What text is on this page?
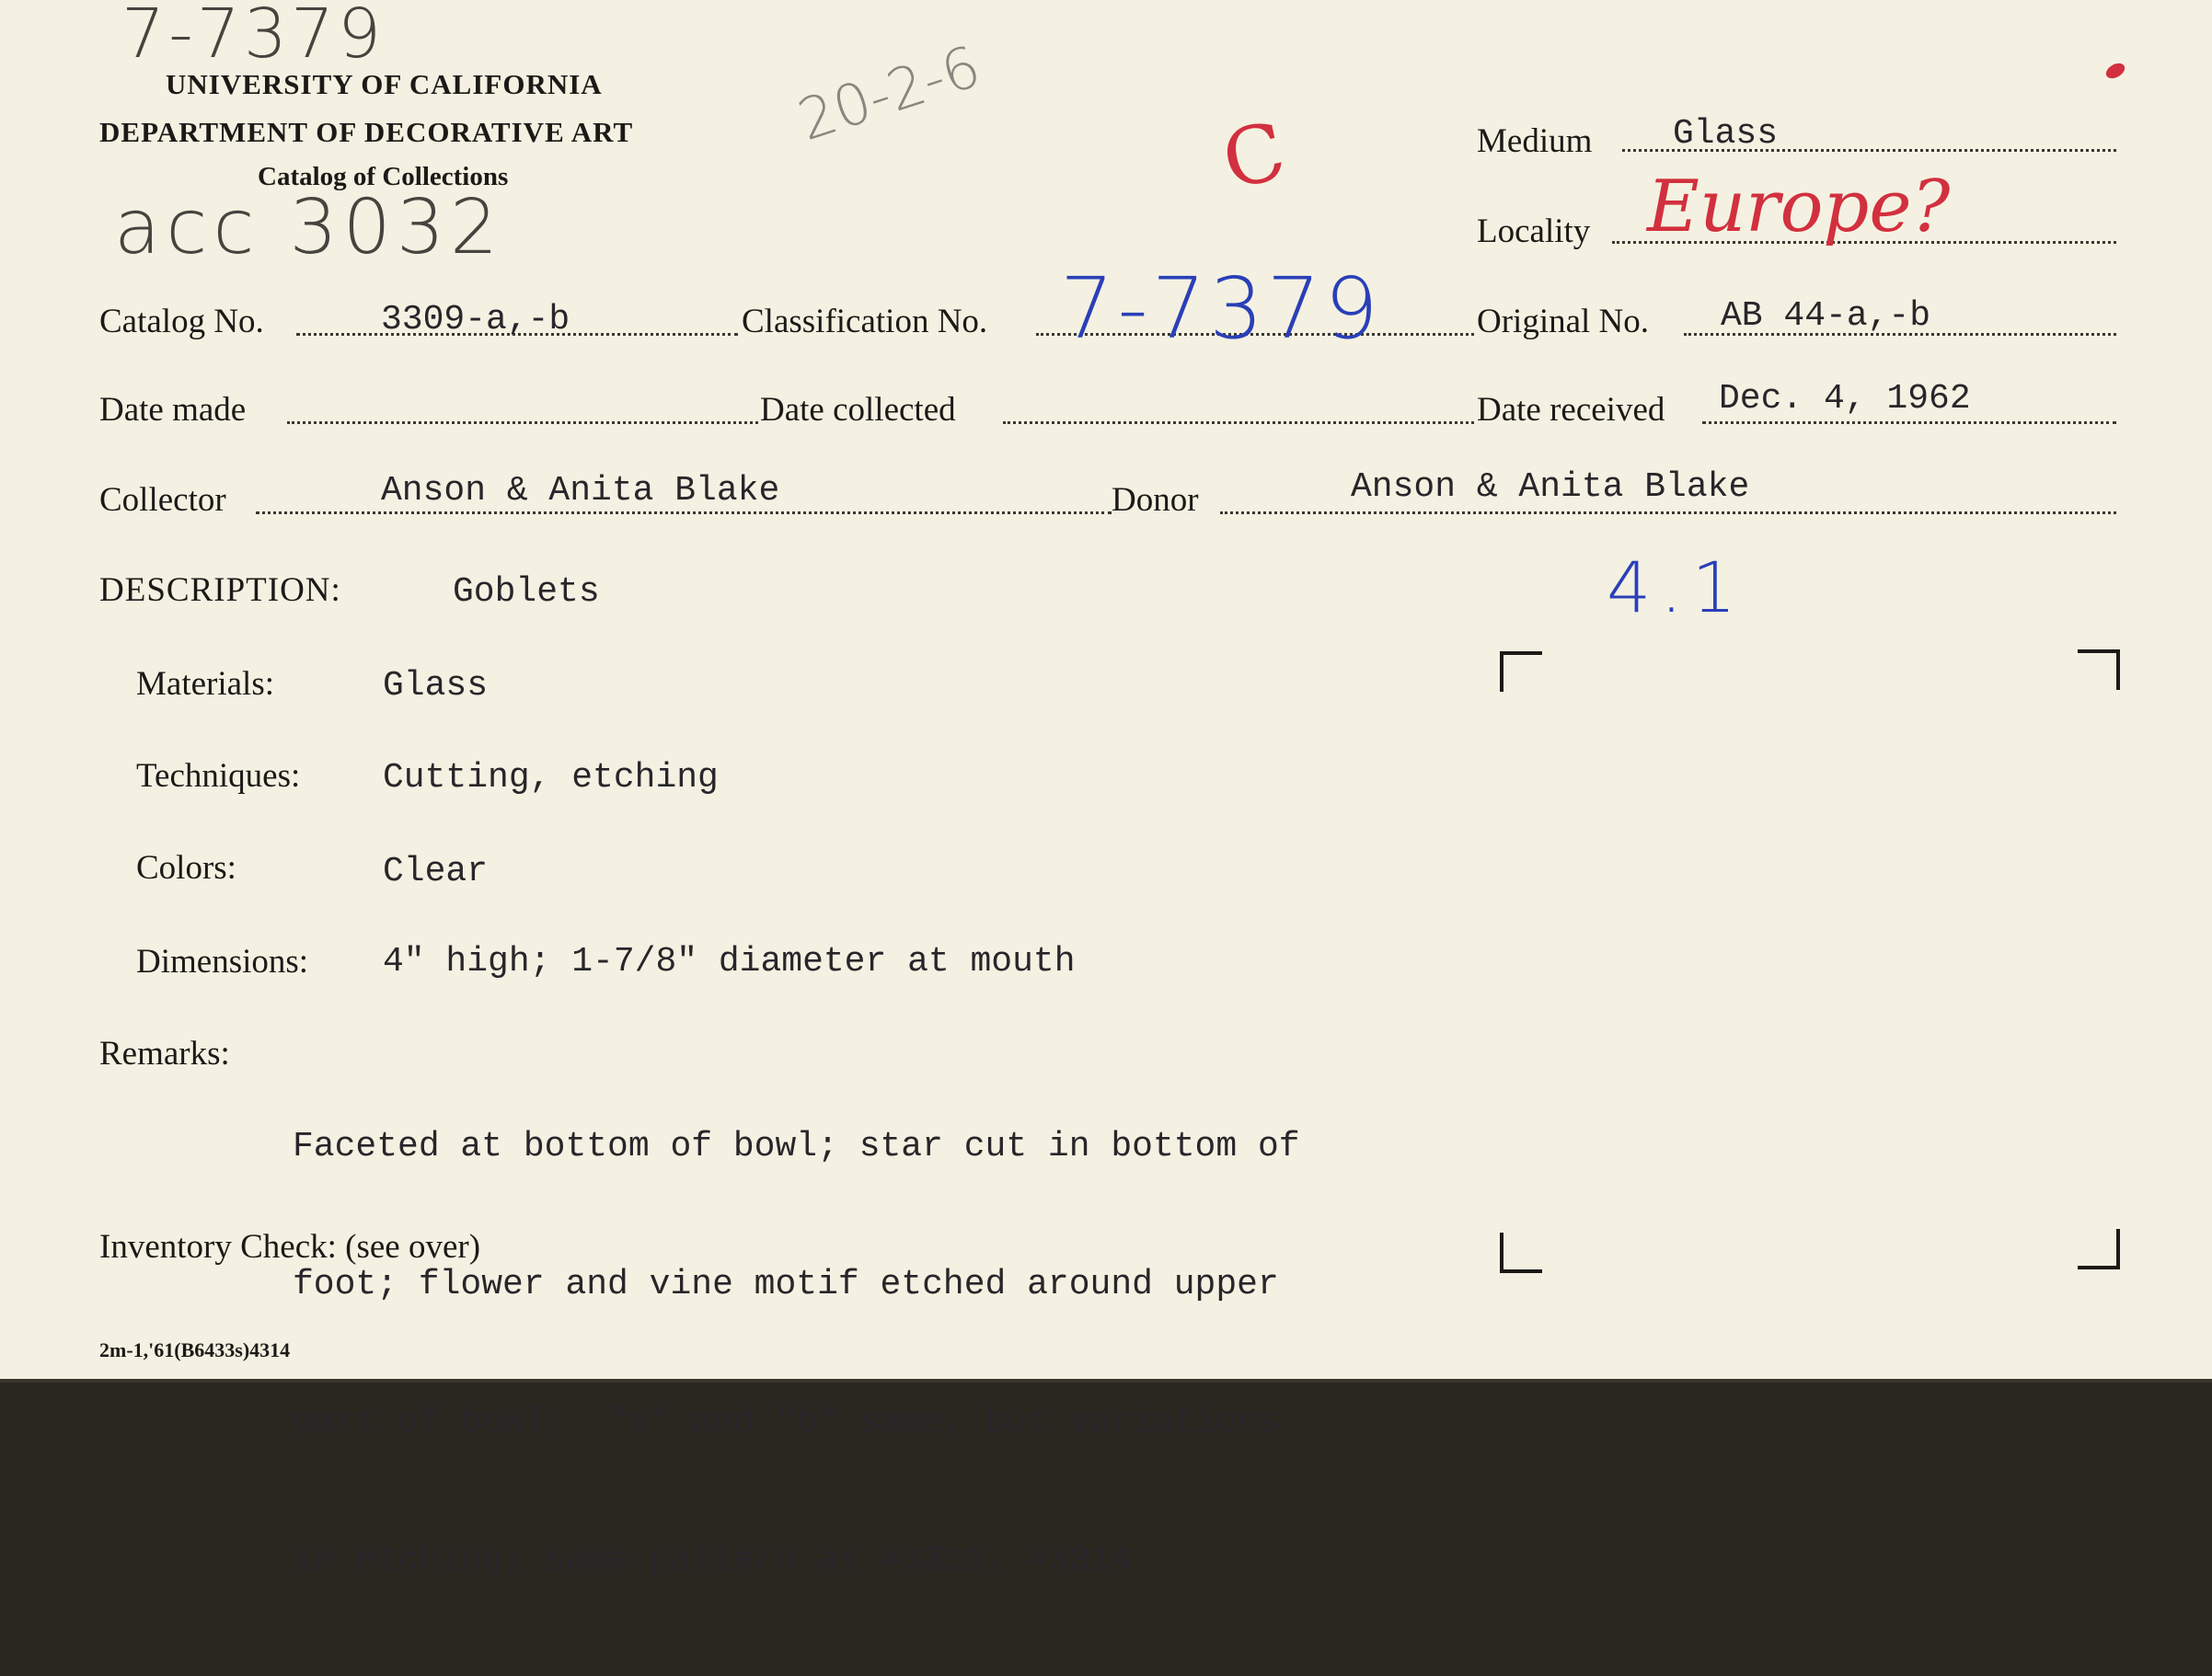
7-7379
UNIVERSITY OF CALIFORNIA
DEPARTMENT OF DECORATIVE ART
Catalog of Collections
acc 3032
20-2-6
C	Medium Glass
Locality Europe?
Catalog No.	3309-a,-b	Classification No. 7-7379	Original No. AB 44-a,-b
Date made	Date collected	Date received Dec. 4, 1962
Collector	Anson & Anita Blake	Donor	Anson & Anita Blake
DESCRIPTION:	Goblets	4.1
Materials:	Glass
Techniques: Cutting, etching
Colors:	Clear
Dimensions: 4" high; 1-7/8" diameter at mouth
Remarks:

Faceted at bottom of bowl; star cut in bottom of

foot; flower and vine motif etched around upper

part of bowl;  "a" and "b" same, but variations

in etching; same pattern as #3311, #3314

Inventory Check: (see over)
2m-1,'61(B6433s)4314
